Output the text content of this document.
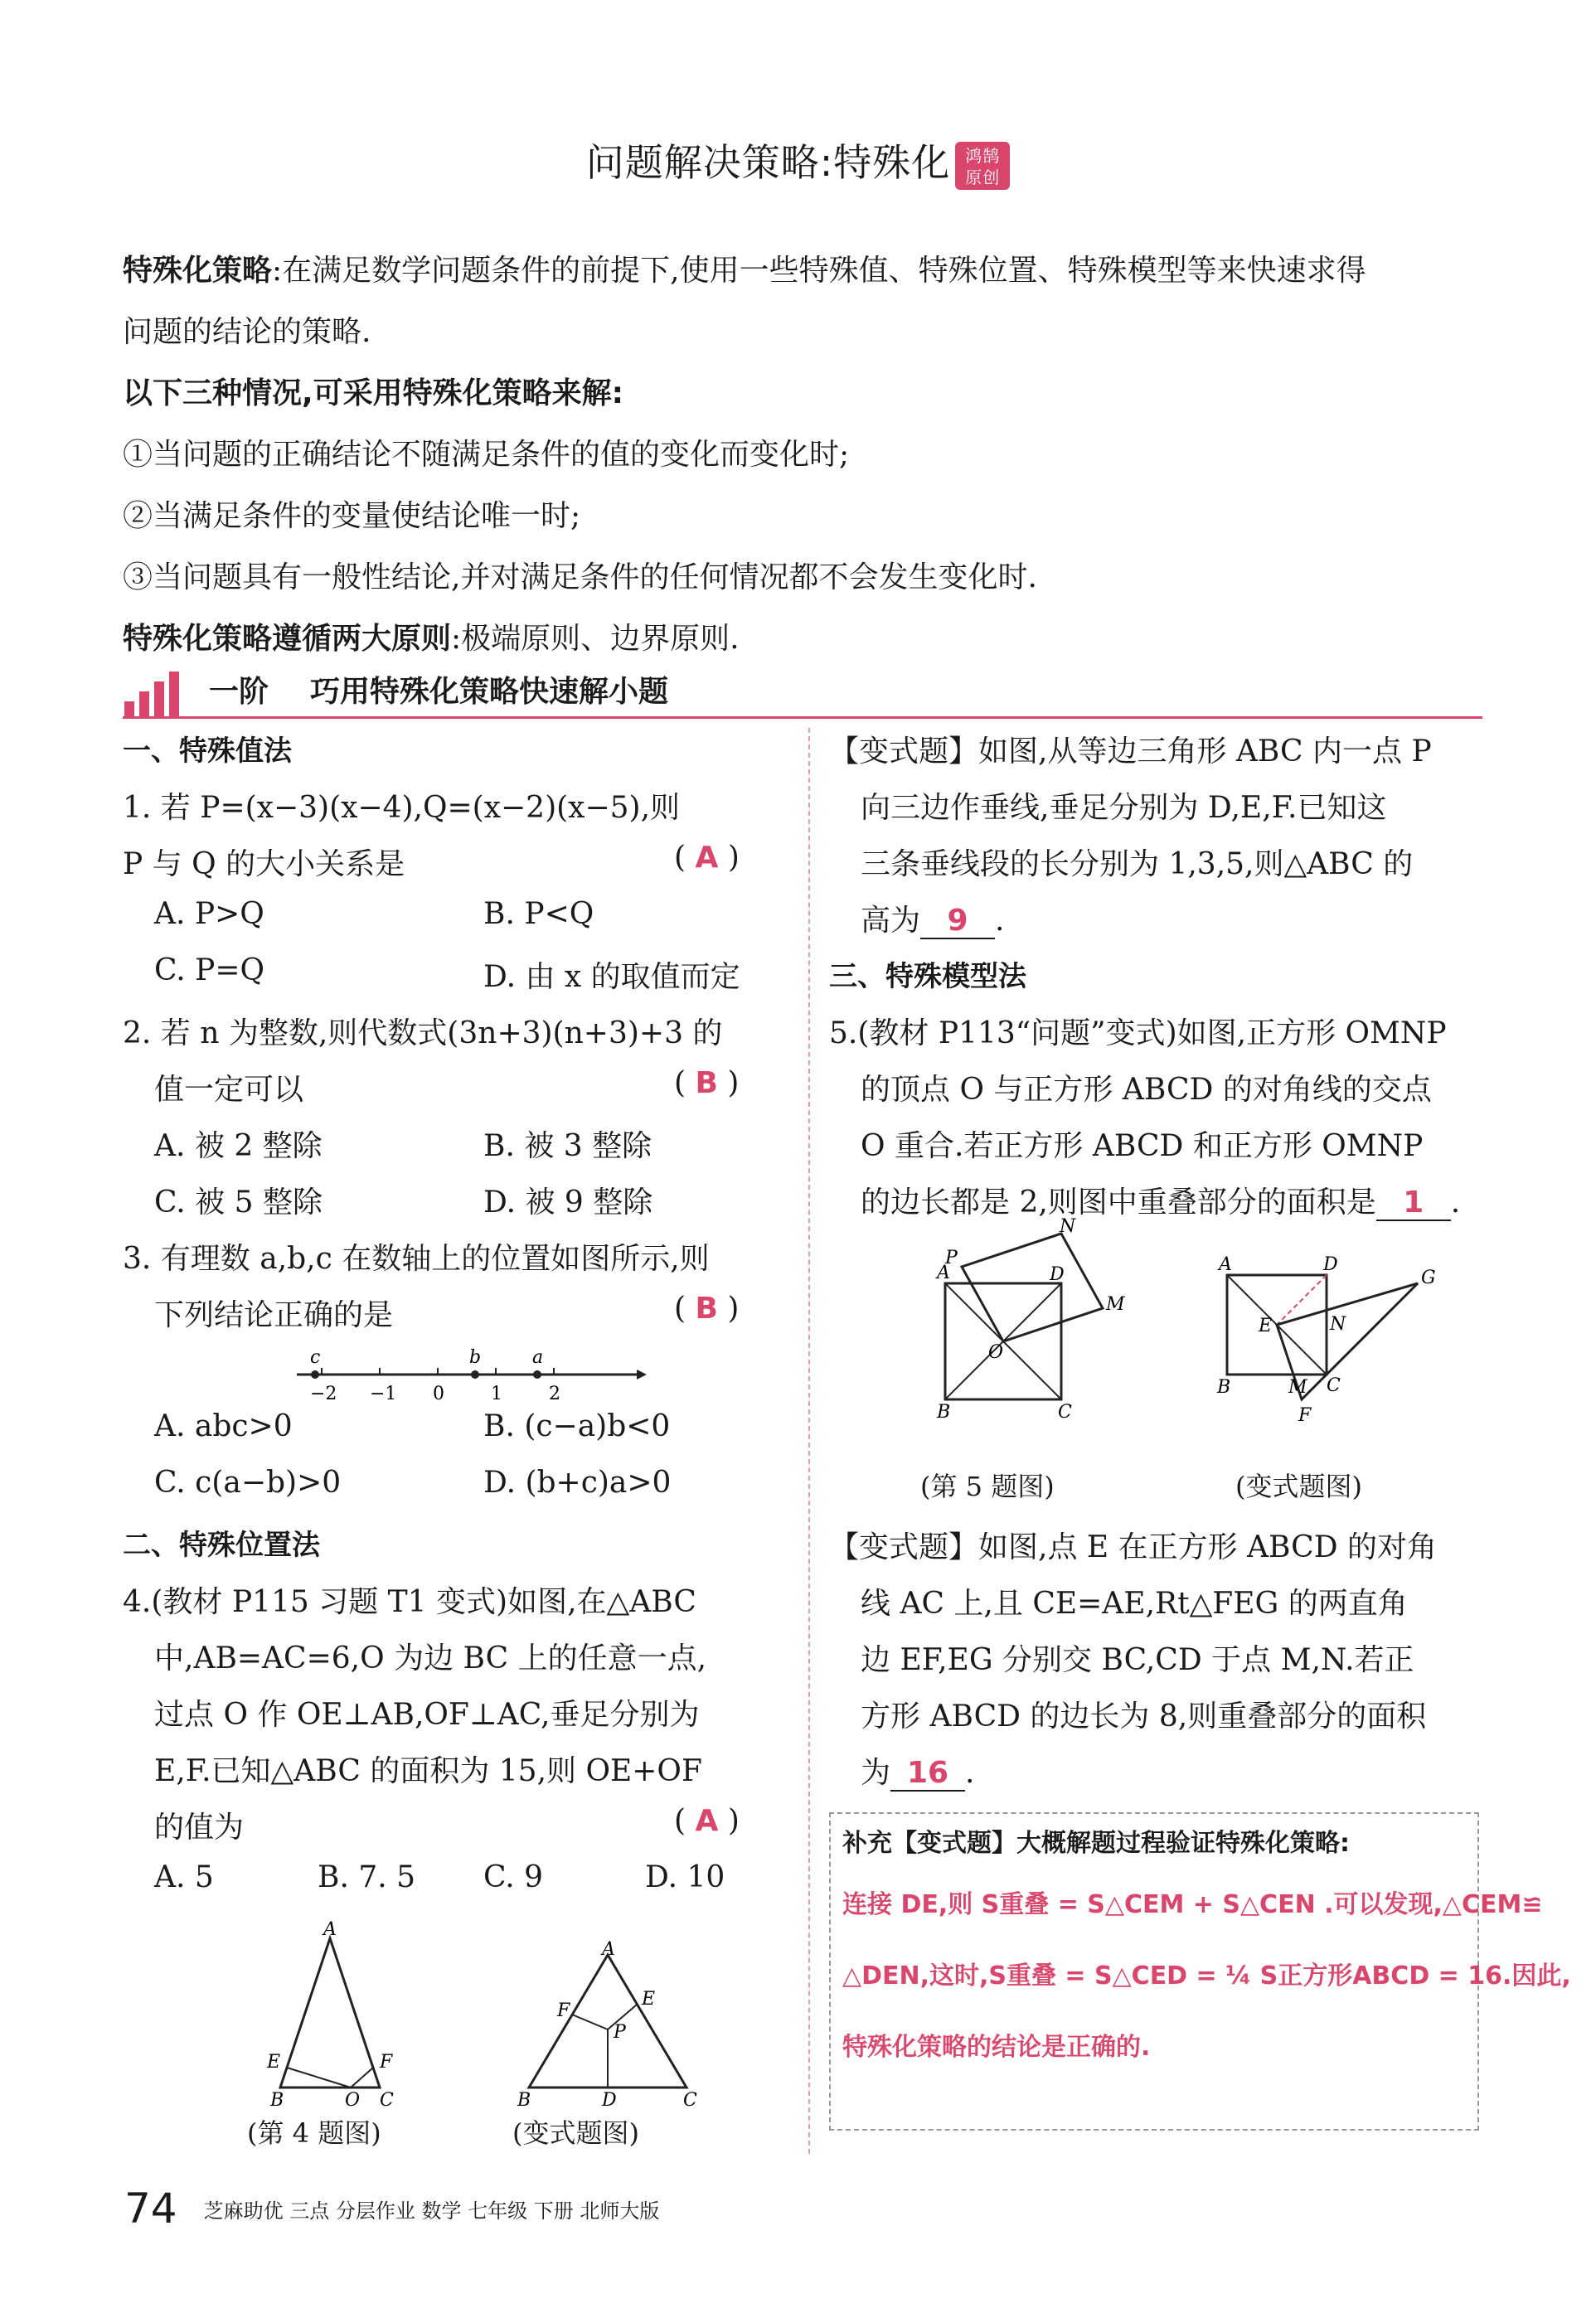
问题解决策略:特殊化 鸿鹄
原创

特殊化策略:在满足数学问题条件的前提下,使用一些特殊值、特殊位置、特殊模型等来快速求得

问题的结论的策略.

以下三种情况,可采用特殊化策略来解:

①当问题的正确结论不随满足条件的值的变化而变化时;

②当满足条件的变量使结论唯一时;

③当问题具有一般性结论,并对满足条件的任何情况都不会发生变化时.

特殊化策略遵循两大原则:极端原则、边界原则.

一阶 巧用特殊化策略快速解小题
一、特殊值法
1. 若 P=(x−3)(x−4),Q=(x−2)(x−5),则
P 与 Q 的大小关系是	( A )
A. P>Q	B. P<Q
C. P=Q	D. 由 x 的取值而定
2. 若 n 为整数,则代数式(3n+3)(n+3)+3 的
值一定可以	( B )
A. 被 2 整除	B. 被 3 整除
C. 被 5 整除	D. 被 9 整除
3. 有理数 a,b,c 在数轴上的位置如图所示,则
下列结论正确的是	( B )
c	b	a
−2 −1 0	1	2
A. abc>0	B. (c−a)b<0
C. c(a−b)>0	D. (b+c)a>0
二、特殊位置法
4.(教材 P115 习题 T1 变式)如图,在△ABC
中,AB=AC=6,O 为边 BC 上的任意一点,
过点 O 作 OE⊥AB,OF⊥AC,垂足分别为
E,F.已知△ABC 的面积为 15,则 OE+OF
的值为	( A )
A. 5	B. 7. 5 C. 9	D. 10
A
B	C
O
E	F
(第 4 题图)
A
B	C
D
P
F
E
(变式题图)
【变式题】如图,从等边三角形 ABC 内一点 P
向三边作垂线,垂足分别为 D,E,F.已知这
三条垂线段的长分别为 1,3,5,则△ABC 的
高为 9 .
三、特殊模型法
5.(教材 P113“问题”变式)如图,正方形 OMNP
的顶点 O 与正方形 ABCD 的对角线的交点
O 重合.若正方形 ABCD 和正方形 OMNP
的边长都是 2,则图中重叠部分的面积是 1 .
A
B	C
D
O
P
N
M
(第 5 题图)
A	D
B	C
E
M
N
F
G
(变式题图)
【变式题】如图,点 E 在正方形 ABCD 的对角
线 AC 上,且 CE=AE,Rt△FEG 的两直角
边 EF,EG 分别交 BC,CD 于点 M,N.若正
方形 ABCD 的边长为 8,则重叠部分的面积
为 16 .
补充【变式题】大概解题过程验证特殊化策略:
连接 DE,则 S重叠 = S△CEM + S△CEN .可以发现,△CEM≌
△DEN,这时,S重叠 = S△CED = ¼ S正方形ABCD = 16.因此,
特殊化策略的结论是正确的.
74 芝麻助优 三点 分层作业 数学 七年级 下册 北师大版
